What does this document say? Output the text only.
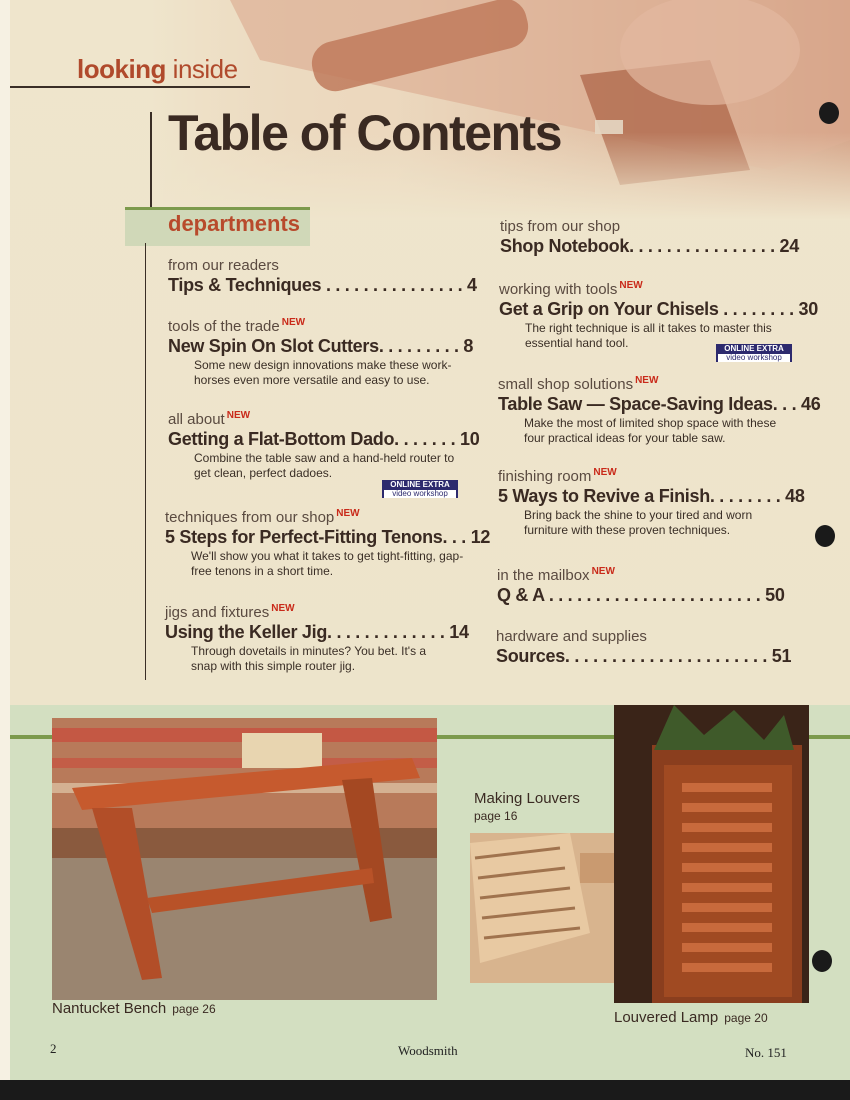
looking inside
Table of Contents
departments
from our readers
Tips & Techniques . . . . . . . . . . . . . . . 4
tools of the trade $^{NEW}$
New Spin On Slot Cutters. . . . . . . . . 8
Some new design innovations make these work-horses even more versatile and easy to use.
all about $^{NEW}$
Getting a Flat-Bottom Dado. . . . . . . 10
Combine the table saw and a hand-held router to get clean, perfect dadoes.
ONLINE EXTRA
video workshop
techniques from our shop $^{NEW}$
5 Steps for Perfect-Fitting Tenons. . . 12
We'll show you what it takes to get tight-fitting, gap-free tenons in a short time.
jigs and fixtures $^{NEW}$
Using the Keller Jig. . . . . . . . . . . . . 14
Through dovetails in minutes? You bet. It's a snap with this simple router jig.
tips from our shop
Shop Notebook. . . . . . . . . . . . . . . . 24
working with tools $^{NEW}$
Get a Grip on Your Chisels . . . . . . . . 30
The right technique is all it takes to master this essential hand tool.	ONLINE EXTRA
video workshop
small shop solutions $^{NEW}$
Table Saw — Space-Saving Ideas. . . 46
Make the most of limited shop space with these four practical ideas for your table saw.
finishing room $^{NEW}$
5 Ways to Revive a Finish. . . . . . . . 48
Bring back the shine to your tired and worn furniture with these proven techniques.
in the mailbox $^{NEW}$
Q & A . . . . . . . . . . . . . . . . . . . . . . . 50
hardware and supplies
Sources. . . . . . . . . . . . . . . . . . . . . . 51
Nantucket Bench page 26
Making Louvers
page 16
Louvered Lamp page 20
2	Woodsmith	No. 151
